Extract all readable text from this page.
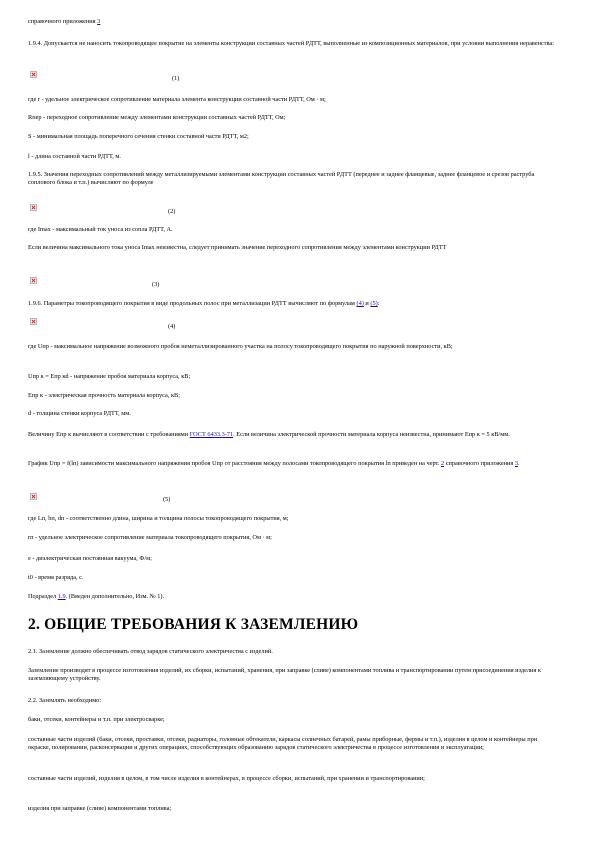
справочного приложения 3

1.9.4. Допускается не наносить токопроводящее покрытие на элементы конструкции составных частей РДТТ, выполненные из композиционных материалов, при условии выполнения неравенства:

(1)

где r - удельное электрическое сопротивление материала элемента конструкции составной части РДТТ, Ом · м;

Rпер - переходное сопротивление между элементами конструкции составных частей РДТТ, Ом;

S - минимальная площадь поперечного сечения стенки составной части РДТТ, м2;

l - длина составной части РДТТ, м.

1.9.5. Значения переходных сопротивлений между металлизируемыми элементами конструкции составных частей РДТТ (переднее и заднее фланцевые, заднее фланцевое и срезов раструба соплового блока и т.п.) вычисляют по формуле

(2)

где Imax - максимальный ток уноса из сопла РДТТ, А.

Если величина максимального тока уноса Imax неизвестна, следует принимать значение переходного сопротивления между элементами конструкции РДТТ

(3)

1.9.6. Параметры токопроводящего покрытия в виде продольных полос при металлизации РДТТ вычисляют по формулам (4) и (5):

(4)

где Uпр - максимальное напряжение возможного пробоя неметаллизированного участка на полосу токопроводящего покрытия по наружной поверхности, кВ;

Uпр к = Eпр кd - напряжение пробоя материала корпуса, кВ;

Eпр к - электрическая прочность материала корпуса, кВ;

d - толщина стенки корпуса РДТТ, мм.

Величину Eпр к вычисляют в соответствии с требованиями ГОСТ 6433.3-71. Если величина электрической прочности материала корпуса неизвестна, принимают Eпр к = 5 кВ/мм.

График Uпр = f(lп) зависимости максимального напряжения пробоя Uпр от расстояния между полосами токопроводящего покрытия lп приведен на черт. 2 справочного приложения 3.

(5)

где Lп, bп, dп - соответственно длина, ширина и толщина полосы токопроводящего покрытия, м;

rп - удельное электрическое сопротивление материала токопроводящего покрытия, Ом · м;

e - диэлектрическая постоянная вакуума, Ф/м;

t0 - время разряда, с.

Подраздел 1.9. (Введен дополнительно, Изм. № 1).

2. ОБЩИЕ ТРЕБОВАНИЯ К ЗАЗЕМЛЕНИЮ

2.1. Заземление должно обеспечивать отвод зарядов статического электричества с изделий.

Заземление производят в процессе изготовления изделий, их сборки, испытаний, хранения, при заправке (сливе) компонентами топлива и транспортировании путем присоединения изделия к заземляющему устройству.

2.2. Заземлять необходимо:

баки, отсеки, контейнеры и т.п. при электросварке;

составные части изделий (баки, отсеки, проставки, отсеки, радиаторы, головные обтекатели, каркасы солнечных батарей, рамы приборные, фермы и т.п.), изделия в целом и контейнеры при окраске, полировании, расконсервации и других операциях, способствующих образованию зарядов статического электричества в процессе изготовления и эксплуатации;

составные части изделий, изделия в целом, в том числе изделия в контейнерах, в процессе сборки, испытаний, при хранении и транспортировании;

изделия при заправке (сливе) компонентами топлива;
